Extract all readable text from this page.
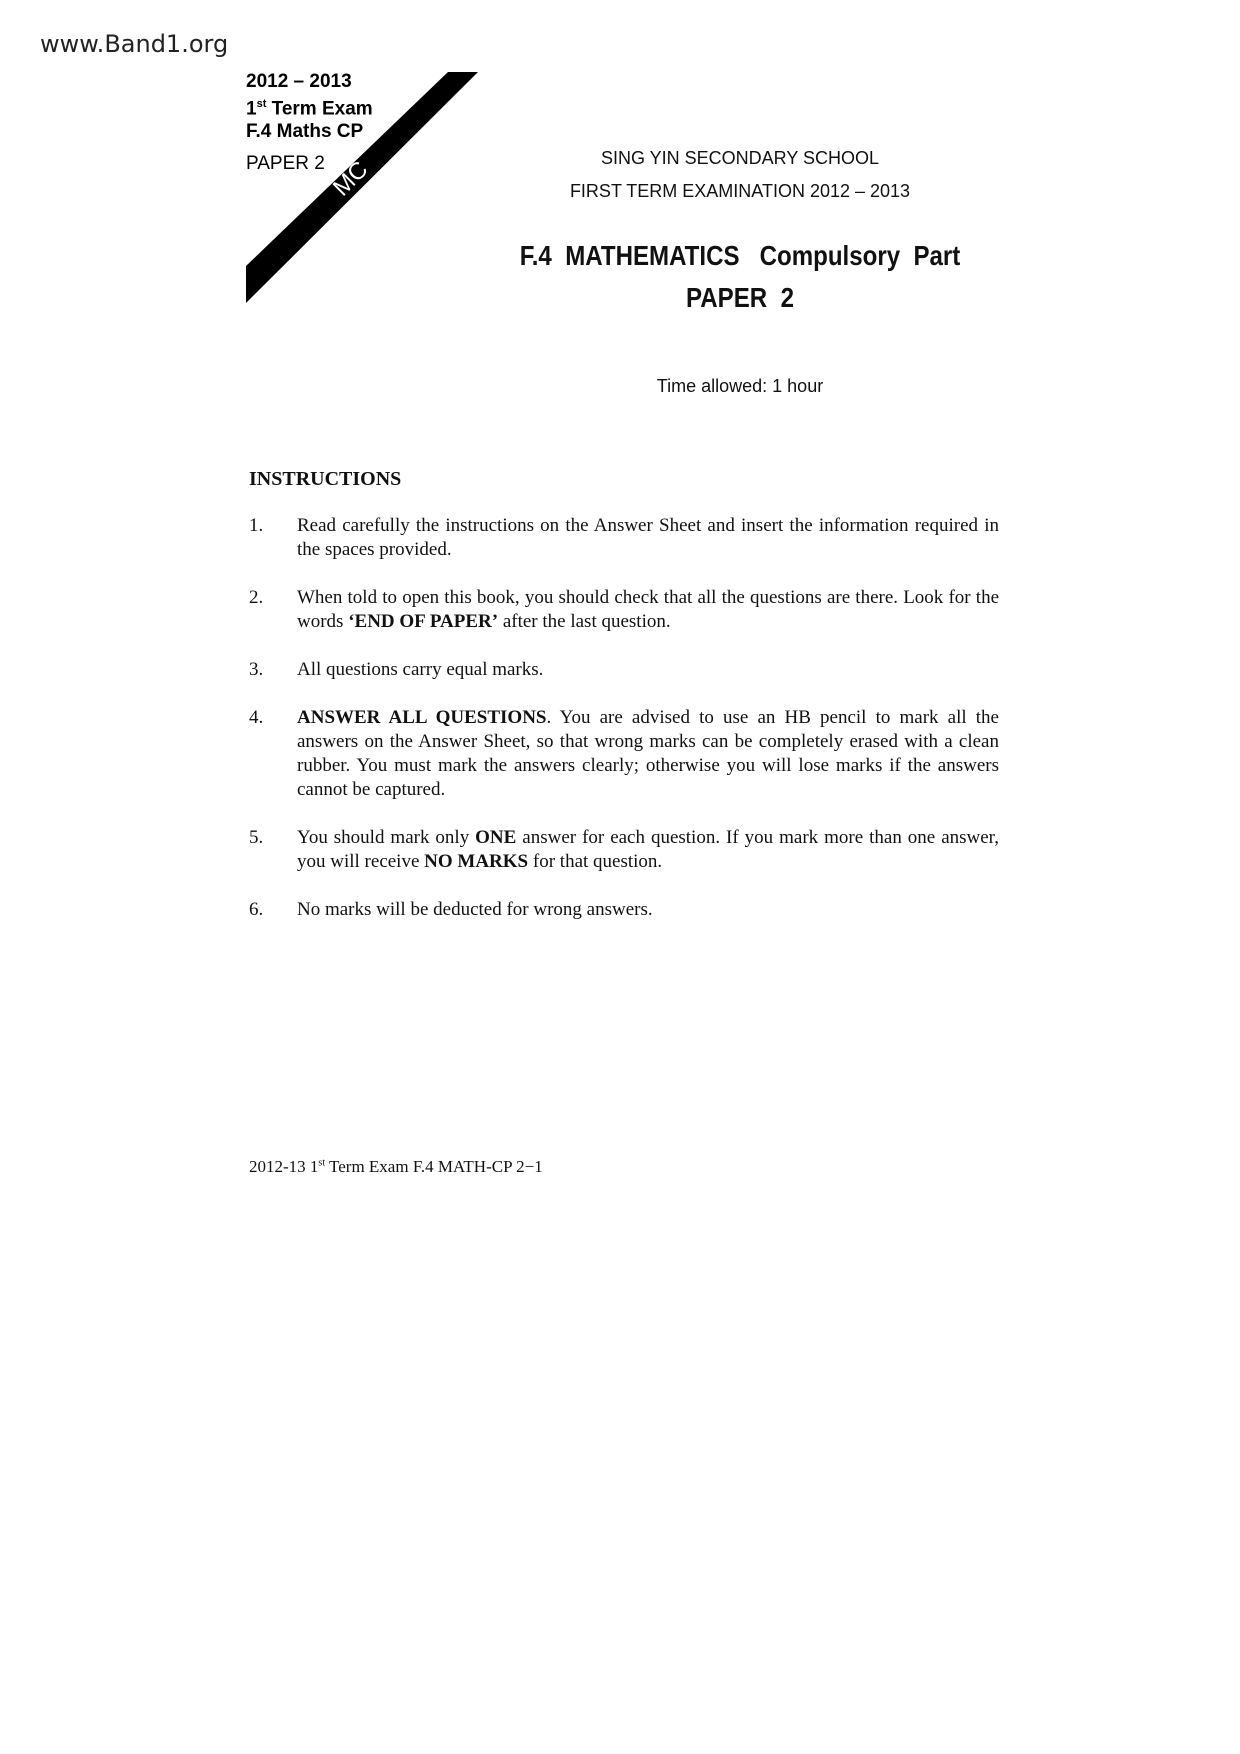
www.Band1.org
MC
2012 – 2013
1st Term Exam
F.4 Maths CP
PAPER 2	SING YIN SECONDARY SCHOOL
FIRST TERM EXAMINATION 2012 – 2013
F.4  MATHEMATICS   Compulsory  Part
PAPER  2
Time allowed: 1 hour
INSTRUCTIONS
1.	Read carefully the instructions on the Answer Sheet and insert the information required in the spaces provided.
2.	When told to open this book, you should check that all the questions are there. Look for the words ‘END OF PAPER’ after the last question.
3.	All questions carry equal marks.
4.	ANSWER ALL QUESTIONS. You are advised to use an HB pencil to mark all the answers on the Answer Sheet, so that wrong marks can be completely erased with a clean rubber. You must mark the answers clearly; otherwise you will lose marks if the answers cannot be captured.
5.	You should mark only ONE answer for each question. If you mark more than one answer, you will receive NO MARKS for that question.
6.	No marks will be deducted for wrong answers.
2012-13 1st Term Exam F.4 MATH-CP 2−1
